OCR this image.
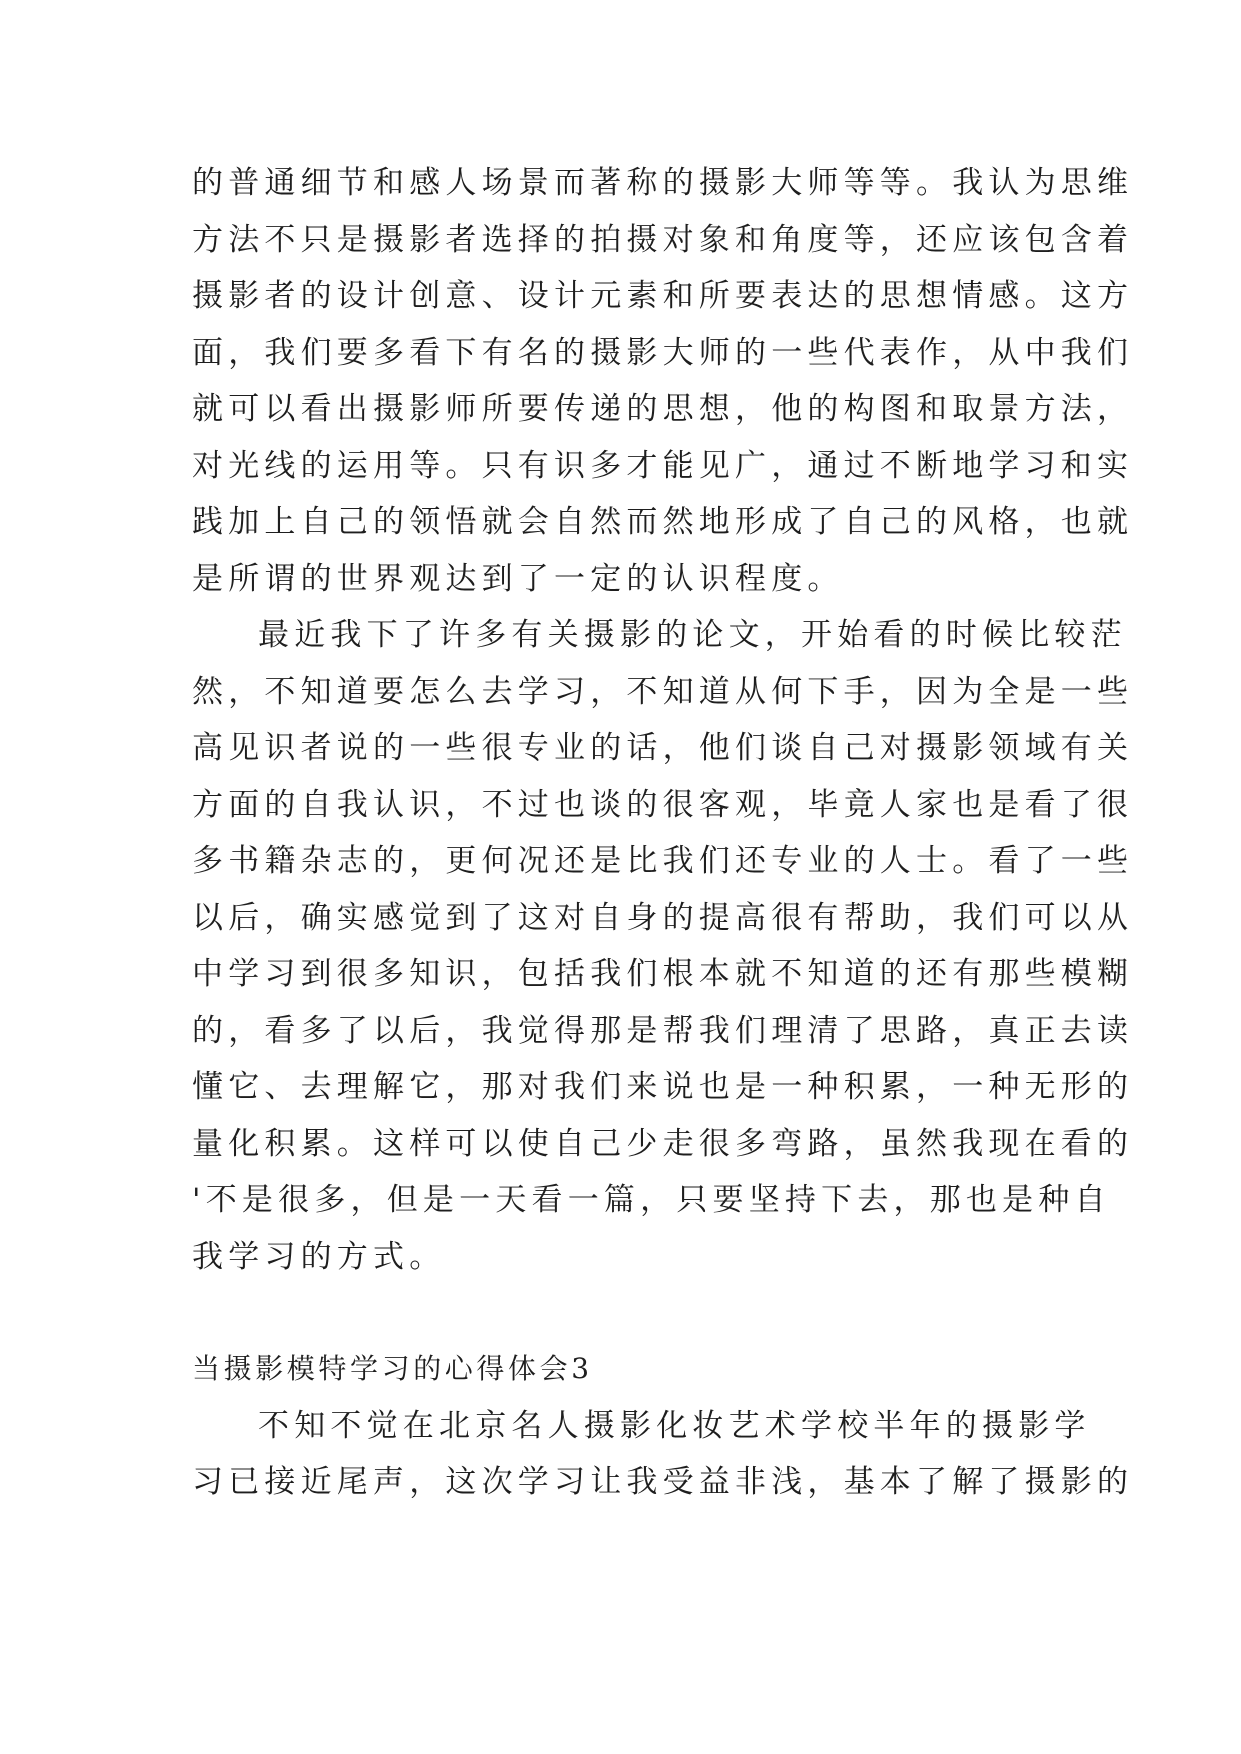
的普通细节和感人场景而著称的摄影大师等等。我认为思维
方法不只是摄影者选择的拍摄对象和角度等，还应该包含着
摄影者的设计创意、设计元素和所要表达的思想情感。这方
面，我们要多看下有名的摄影大师的一些代表作，从中我们
就可以看出摄影师所要传递的思想，他的构图和取景方法，
对光线的运用等。只有识多才能见广，通过不断地学习和实
践加上自己的领悟就会自然而然地形成了自己的风格，也就
是所谓的世界观达到了一定的认识程度。
最近我下了许多有关摄影的论文，开始看的时候比较茫
然，不知道要怎么去学习，不知道从何下手，因为全是一些
高见识者说的一些很专业的话，他们谈自己对摄影领域有关
方面的自我认识，不过也谈的很客观，毕竟人家也是看了很
多书籍杂志的，更何况还是比我们还专业的人士。看了一些
以后，确实感觉到了这对自身的提高很有帮助，我们可以从
中学习到很多知识，包括我们根本就不知道的还有那些模糊
的，看多了以后，我觉得那是帮我们理清了思路，真正去读
懂它、去理解它，那对我们来说也是一种积累，一种无形的
量化积累。这样可以使自己少走很多弯路，虽然我现在看的
'不是很多，但是一天看一篇，只要坚持下去，那也是种自
我学习的方式。
当摄影模特学习的心得体会3
不知不觉在北京名人摄影化妆艺术学校半年的摄影学
习已接近尾声，这次学习让我受益非浅，基本了解了摄影的
